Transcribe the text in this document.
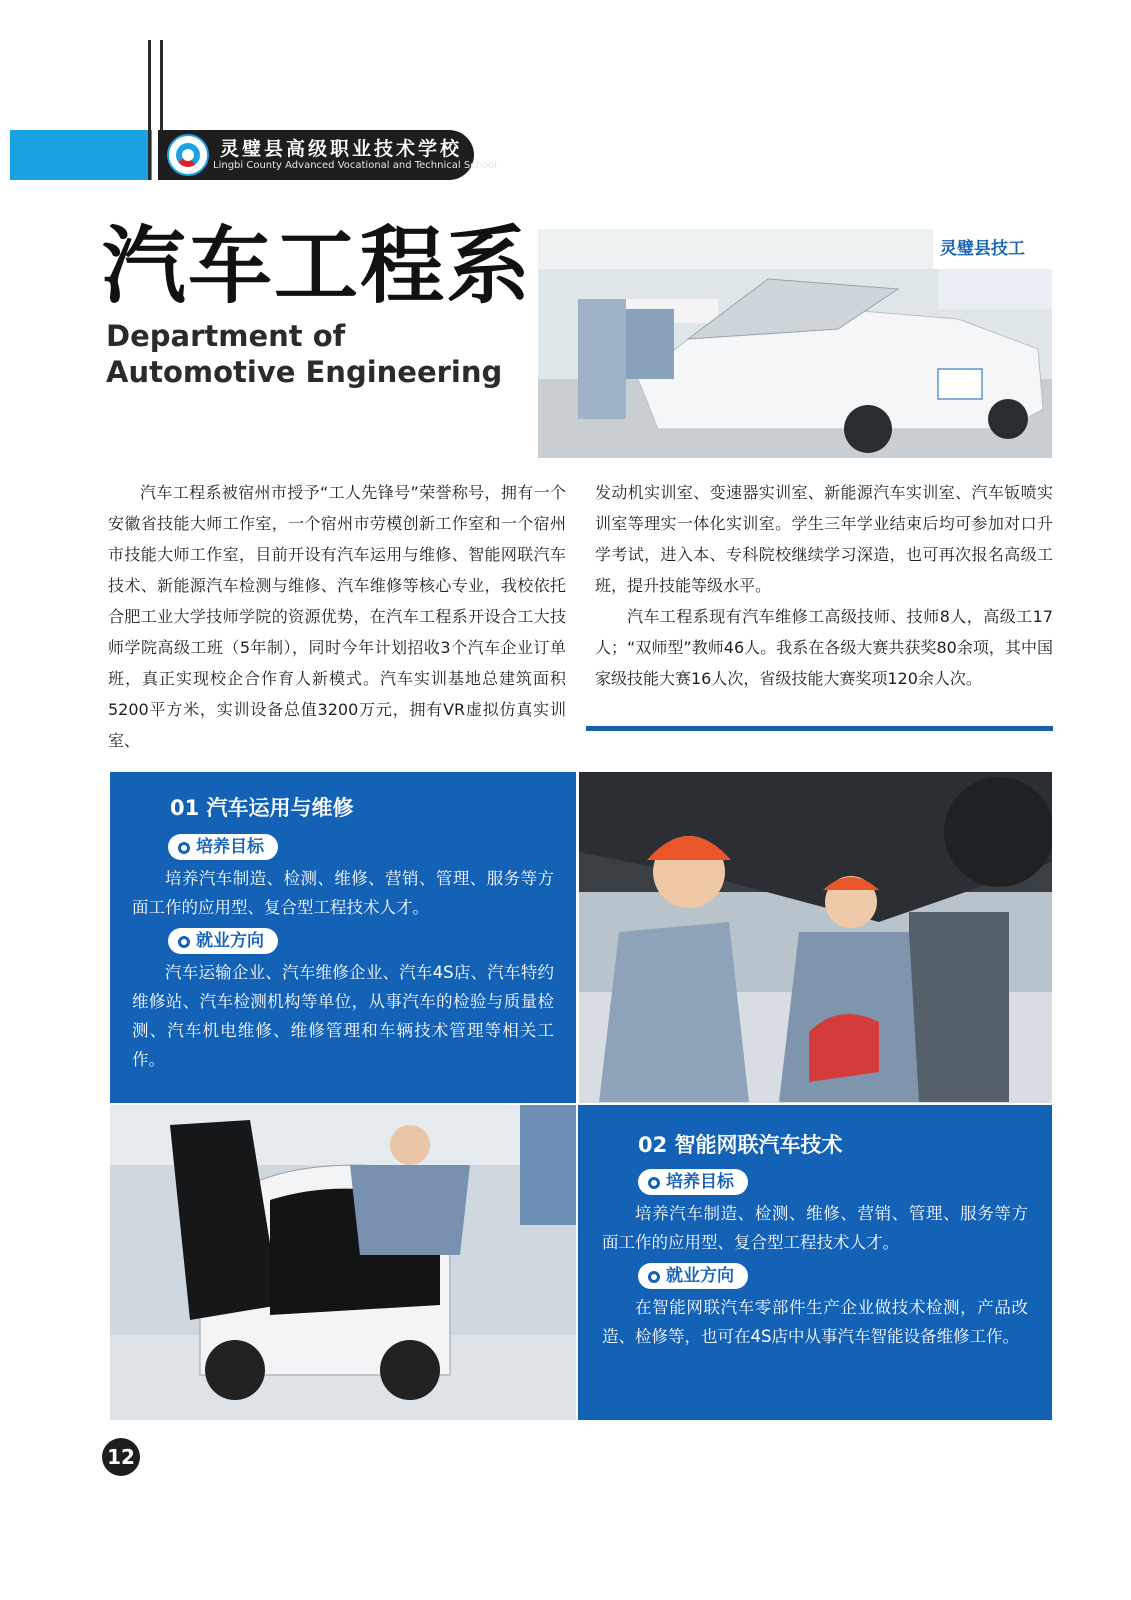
灵璧县高级职业技术学校
Lingbi County Advanced Vocational and Technical School
汽车工程系
Department of Automotive Engineering
灵璧县技工

汽车工程系被宿州市授予“工人先锋号”荣誉称号，拥有一个安徽省技能大师工作室，一个宿州市劳模创新工作室和一个宿州市技能大师工作室，目前开设有汽车运用与维修、智能网联汽车技术、新能源汽车检测与维修、汽车维修等核心专业，我校依托合肥工业大学技师学院的资源优势，在汽车工程系开设合工大技师学院高级工班（5年制），同时今年计划招收3个汽车企业订单班，真正实现校企合作育人新模式。汽车实训基地总建筑面积5200平方米，实训设备总值3200万元，拥有VR虚拟仿真实训室、

发动机实训室、变速器实训室、新能源汽车实训室、汽车钣喷实训室等理实一体化实训室。学生三年学业结束后均可参加对口升学考试，进入本、专科院校继续学习深造，也可再次报名高级工班，提升技能等级水平。

汽车工程系现有汽车维修工高级技师、技师8人，高级工17人；“双师型”教师46人。我系在各级大赛共获奖80余项，其中国家级技能大赛16人次，省级技能大赛奖项120余人次。

01 汽车运用与维修
培养目标

培养汽车制造、检测、维修、营销、管理、服务等方面工作的应用型、复合型工程技术人才。

就业方向

汽车运输企业、汽车维修企业、汽车4S店、汽车特约维修站、汽车检测机构等单位，从事汽车的检验与质量检测、汽车机电维修、维修管理和车辆技术管理等相关工作。

02 智能网联汽车技术
培养目标

培养汽车制造、检测、维修、营销、管理、服务等方面工作的应用型、复合型工程技术人才。

就业方向

在智能网联汽车零部件生产企业做技术检测，产品改造、检修等，也可在4S店中从事汽车智能设备维修工作。

12
